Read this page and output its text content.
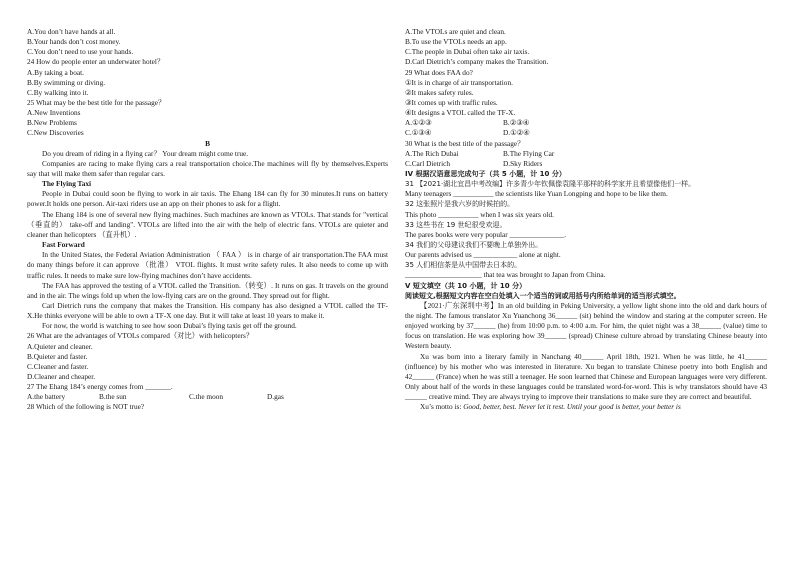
A.You don’t have hands at all.
B.Your hands don’t cost money.
C.You don’t need to use your hands.
24 How do people enter an underwater hotel？
A.By taking a boat.
B.By swimming or diving.
C.By walking into it.
25 What may be the best title for the passage？
A.New Inventions
B.New Problems
C.New Discoveries
B
Do you dream of riding in a flying car？ Your dream might come true.
Companies are racing to make flying cars a real transportation choice.The machines will fly by themselves.Experts say that will make them safer than regular cars.
The Flying Taxi
People in Dubai could soon be flying to work in air taxis. The Ehang 184 can fly for 30 minutes.It runs on battery power.It holds one person. Air-taxi riders use an app on their phones to ask for a flight.
The Ehang 184 is one of several new flying machines. Such machines are known as VTOLs. That stands for "vertical （垂直的） take-off and landing". VTOLs are lifted into the air with the help of electric fans. VTOLs are quieter and cleaner than helicopters （直升机）.
Fast Forward
In the United States, the Federal Aviation Administration （ FAA ） is in charge of air transportation.The FAA must do many things before it can approve （批准） VTOL flights. It must write safety rules. It also needs to come up with traffic rules. It needs to make sure low-flying machines don’t have accidents.
The FAA has approved the testing of a VTOL called the Transition.（转变）. It runs on gas. It travels on the ground and in the air. The wings fold up when the low-flying cars are on the ground. They spread out for flight.
Carl Dietrich runs the company that makes the Transition. His company has also designed a VTOL called the TF-X.He thinks everyone will be able to own a TF-X one day. But it will take at least 10 years to make it.
For now, the world is watching to see how soon Dubai’s flying taxis get off the ground.
26 What are the advantages of VTOLs compared（对比）with helicopters？
A.Quieter and cleaner.
B.Quieter and faster.
C.Cleaner and faster.
D.Cleaner and cheaper.
27 The Ehang 184’s energy comes from _______.
A.the battery	B.the sun	C.the moon	D.gas
28 Which of the following is NOT true?
A.The VTOLs are quiet and clean.
B.To use the VTOLs needs an app.
C.The people in Dubai often take air taxis.
D.Carl Dietrich’s company makes the Transition.
29 What does FAA do?
①It is in charge of air transportation.
②It makes safety rules.
③It comes up with traffic rules.
④It designs a VTOL called the TF-X.
A.①②③	B.②③④
C.①③④	D.①②④
30 What is the best title of the passage？
A.The Rich Dubai	B.The Flying Car
C.Carl Dietrich	D.Sky Riders
IV 根据汉语意思完成句子（共 5 小题，计 10 分）
31 【2021·湖北宜昌中考改编】许多青少年钦佩像袁隆平那样的科学家并且希望像他们一样。
Many teenagers ___________ the scientists like Yuan Longping and hope to be like them.
32 这张照片是我六岁的时候拍的。
This photo ___________ when I was six years old.
33 这些书在 19 世纪很受欢迎。
The pares books were very popular _______________.
34 我们的父母建议我们不要晚上单独外出。
Our parents advised us ____________ alone at night.
35 人们相信茶是从中国带去日本的。
_____________________ that tea was brought to Japan from China.
V 短文填空（共 10 小题，计 10 分）
阅读短文,根据短文内容在空白处填入一个适当的词或用括号内所给单词的适当形式填空。
【2021·广东深圳中考】In an old building in Peking University, a yellow light shone into the old and dark hours of the night. The famous translator Xu Yuanchong 36______ (sit) behind the window and staring at the computer screen. He enjoyed working by 37______ (he) from 10:00 p.m. to 4:00 a.m. For him, the quiet night was a 38______ (value) time to focus on translation. He was exploring how 39______ (spread) Chinese culture abroad by translating Chinese beauty into Western beauty.
Xu was born into a literary family in Nanchang 40______ April 18th, 1921. When he was little, he 41______ (influence) by his mother who was interested in literature. Xu began to translate Chinese poetry into both English and 42______ (France) when he was still a teenager. He soon learned that Chinese and European languages were very different. Only about half of the words in these languages could be translated word-for-word. This is why translators should have 43 ______ creative mind. They are always trying to improve their translations to make sure they are correct and beautiful.
Xu’s motto is: Good, better, best. Never let it rest. Until your good is better, your better is
